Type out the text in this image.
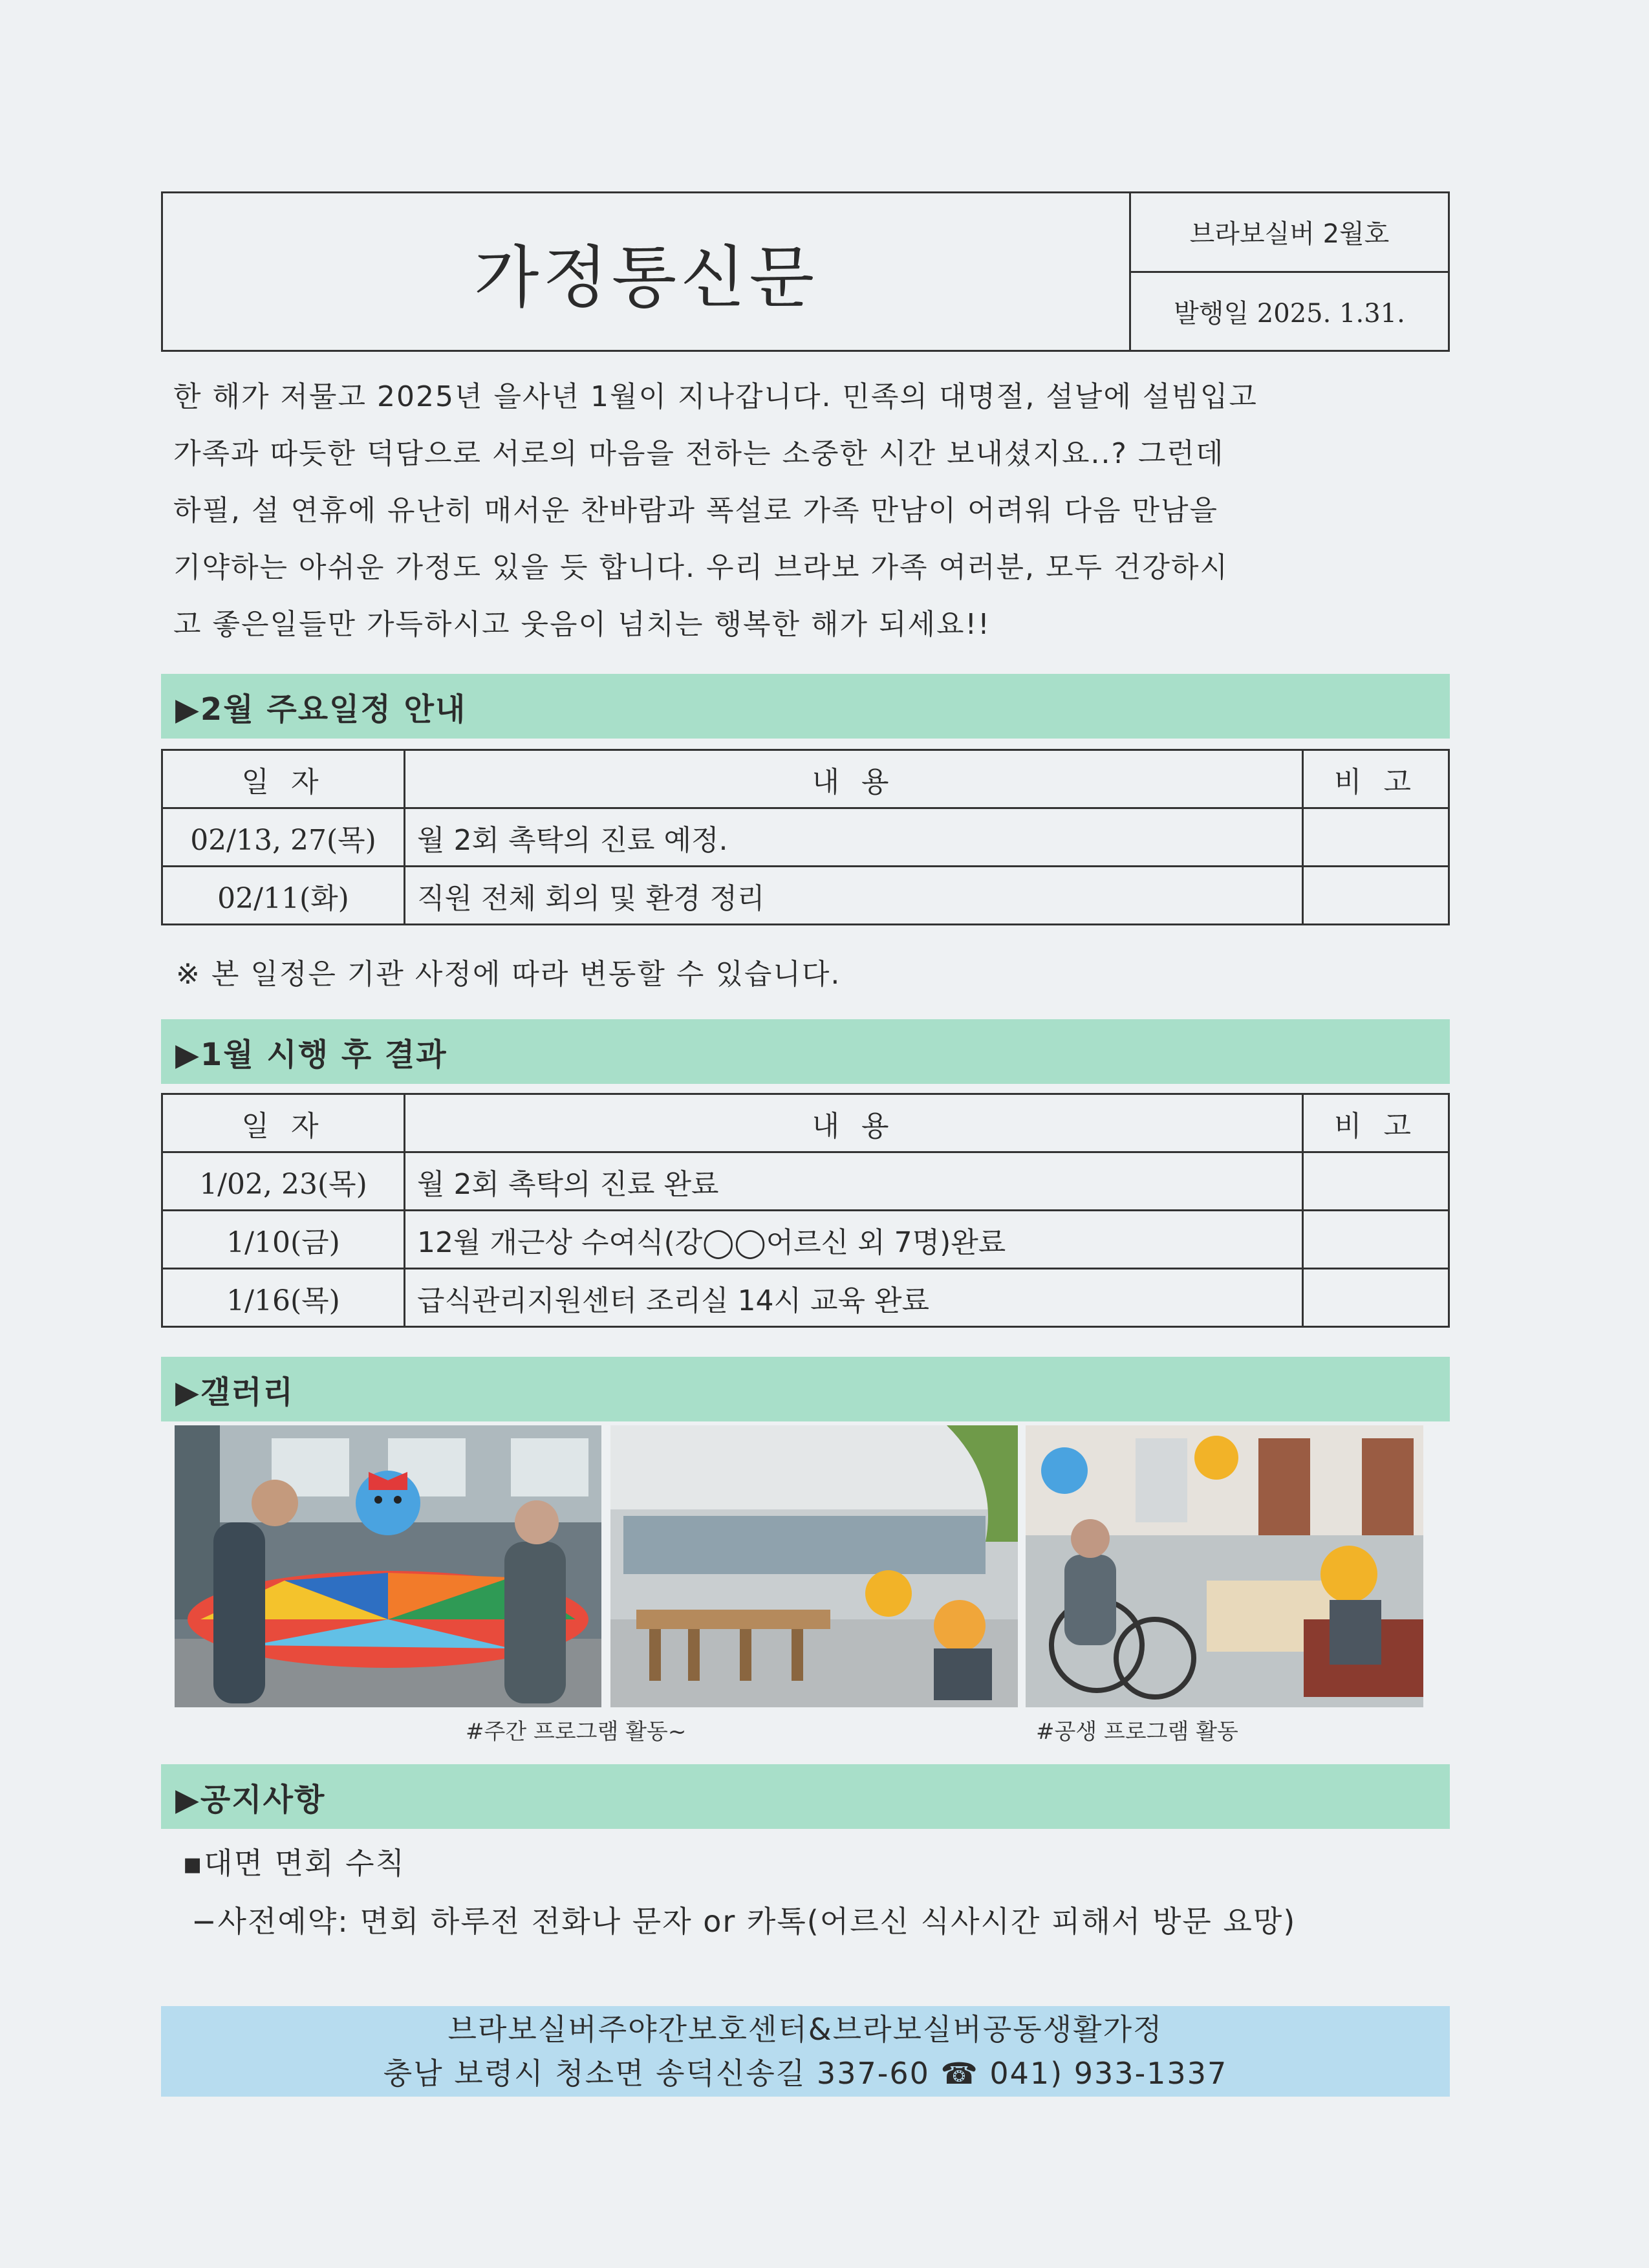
가정통신문
브라보실버 2월호
발행일 2025. 1.31.

한 해가 저물고 2025년 을사년 1월이 지나갑니다. 민족의 대명절, 설날에 설빔입고

가족과 따듯한 덕담으로 서로의 마음을 전하는 소중한 시간 보내셨지요..? 그런데

하필, 설 연휴에 유난히 매서운 찬바람과 폭설로 가족 만남이 어려워 다음 만남을

기약하는 아쉬운 가정도 있을 듯 합니다. 우리 브라보 가족 여러분, 모두 건강하시

고 좋은일들만 가득하시고 웃음이 넘치는 행복한 해가 되세요!!

▶2월 주요일정 안내
일 자	내 용	비 고
02/13, 27(목)	월 2회 촉탁의 진료 예정.	
02/11(화)	직원 전체 회의 및 환경 정리	
※ 본 일정은 기관 사정에 따라 변동할 수 있습니다.
▶1월 시행 후 결과
일 자	내 용	비 고
1/02, 23(목)	월 2회 촉탁의 진료 완료	
1/10(금)	12월 개근상 수여식(강◯◯어르신 외 7명)완료	
1/16(목)	급식관리지원센터 조리실 14시 교육 완료	
▶갤러리
#주간 프로그램 활동~	#공생 프로그램 활동
▶공지사항
▪대면 면회 수칙
−사전예약: 면회 하루전 전화나 문자 or 카톡(어르신 식사시간 피해서 방문 요망)
브라보실버주야간보호센터&브라보실버공동생활가정
충남 보령시 청소면 송덕신송길 337-60 ☎ 041) 933-1337
